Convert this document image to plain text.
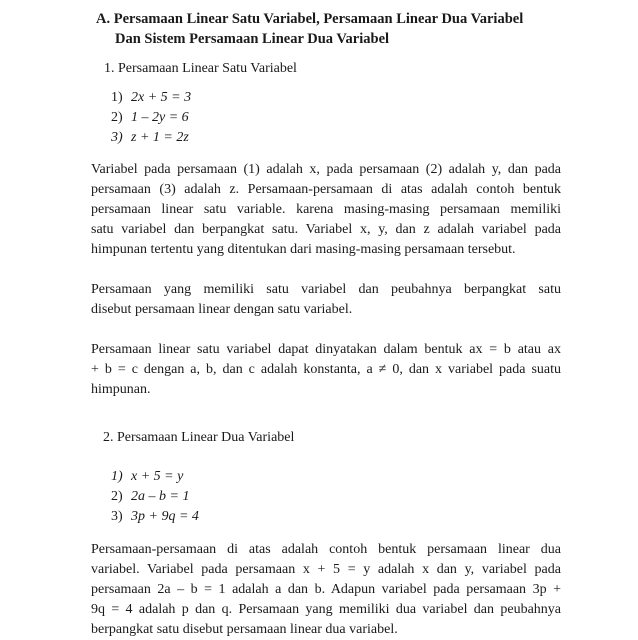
A. Persamaan Linear Satu Variabel, Persamaan Linear Dua Variabel
Dan Sistem Persamaan Linear Dua Variabel
1. Persamaan Linear Satu Variabel
1) 2x + 5 = 3
2) 1 – 2y = 6
3) z + 1 = 2z
Variabel pada persamaan (1) adalah x, pada persamaan (2) adalah y, dan pada
persamaan (3) adalah z. Persamaan-persamaan di atas adalah contoh bentuk
persamaan linear satu variable. karena masing-masing persamaan memiliki
satu variabel dan berpangkat satu. Variabel x, y, dan z adalah variabel pada
himpunan tertentu yang ditentukan dari masing-masing persamaan tersebut.
Persamaan yang memiliki satu variabel dan peubahnya berpangkat satu
disebut persamaan linear dengan satu variabel.
Persamaan linear satu variabel dapat dinyatakan dalam bentuk ax = b atau ax
+ b = c dengan a, b, dan c adalah konstanta, a ≠ 0, dan x variabel pada suatu
himpunan.
2. Persamaan Linear Dua Variabel
1) x + 5 = y
2) 2a – b = 1
3) 3p + 9q = 4
Persamaan-persamaan di atas adalah contoh bentuk persamaan linear dua
variabel. Variabel pada persamaan x + 5 = y adalah x dan y, variabel pada
persamaan 2a – b = 1 adalah a dan b. Adapun variabel pada persamaan 3p +
9q = 4 adalah p dan q. Persamaan yang memiliki dua variabel dan peubahnya
berpangkat satu disebut persamaan linear dua variabel.
